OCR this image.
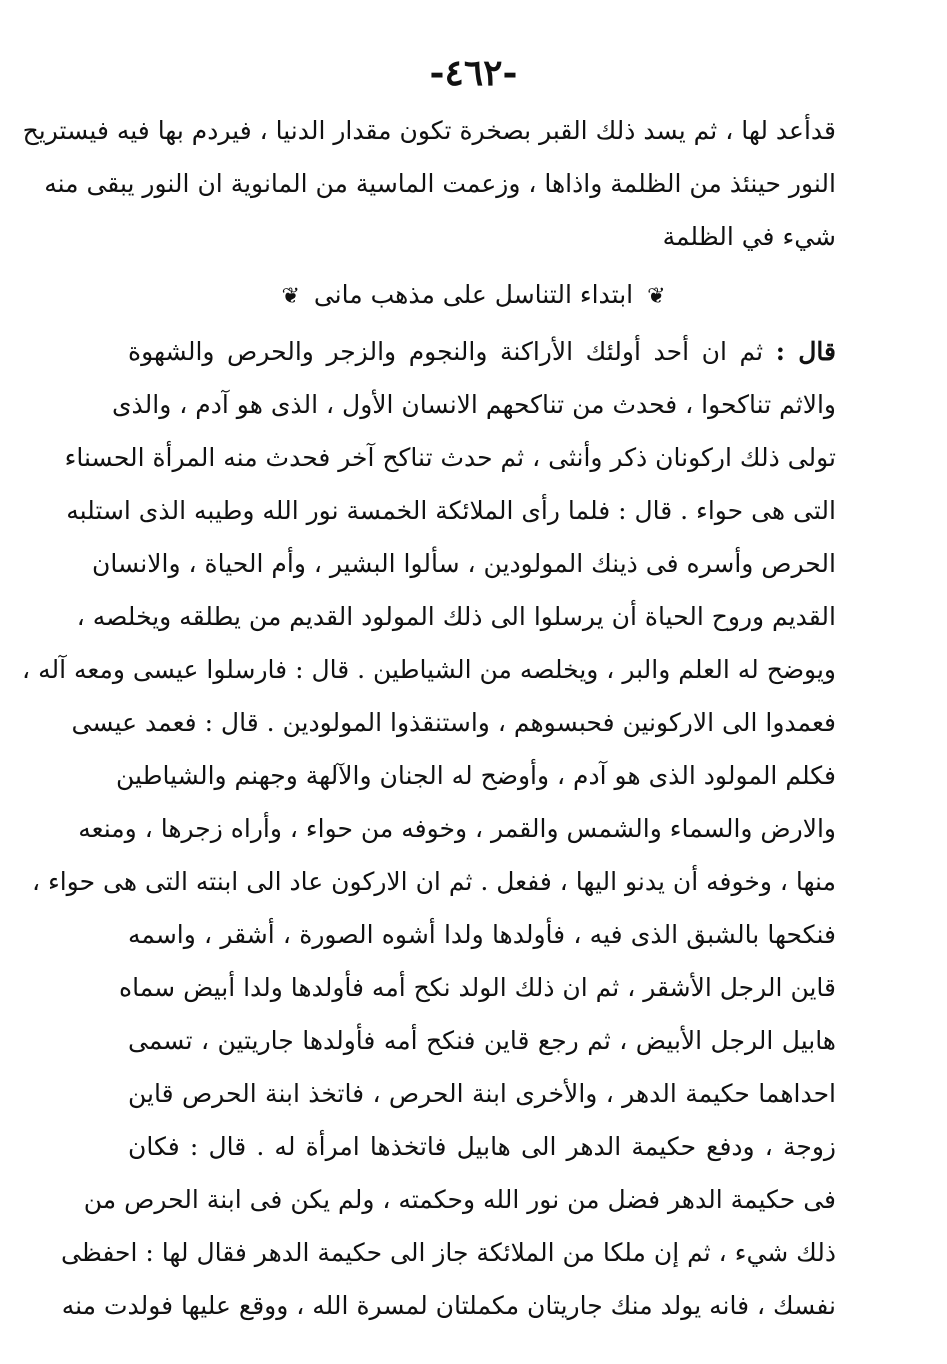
-٤٦٢-
قدأعد لها ، ثم يسد ذلك القبر بصخرة تكون مقدار الدنيا ، فيردم بها فيه فيستريح
النور حينئذ من الظلمة واذاها ، وزعمت الماسية من المانوية ان النور يبقى منه
شيء في الظلمة
❦ ابتداء التناسل على مذهب مانى ❦
قال : ثم ان أحد أولئك الأراكنة والنجوم والزجر والحرص والشهوة
والاثم تناكحوا ، فحدث من تناكحهم الانسان الأول ، الذى هو آدم ، والذى
تولى ذلك اركونان ذكر وأنثى ، ثم حدث تناكح آخر فحدث منه المرأة الحسناء
التى هى حواء . قال : فلما رأى الملائكة الخمسة نور الله وطيبه الذى استلبه
الحرص وأسره فى ذينك المولودين ، سألوا البشير ، وأم الحياة ، والانسان
القديم وروح الحياة أن يرسلوا الى ذلك المولود القديم من يطلقه ويخلصه ،
ويوضح له العلم والبر ، ويخلصه من الشياطين . قال : فارسلوا عيسى ومعه آله ،
فعمدوا الى الاركونين فحبسوهم ، واستنقذوا المولودين . قال : فعمد عيسى
فكلم المولود الذى هو آدم ، وأوضح له الجنان والآلهة وجهنم والشياطين
والارض والسماء والشمس والقمر ، وخوفه من حواء ، وأراه زجرها ، ومنعه
منها ، وخوفه أن يدنو اليها ، ففعل . ثم ان الاركون عاد الى ابنته التى هى حواء ،
فنكحها بالشبق الذى فيه ، فأولدها ولدا أشوه الصورة ، أشقر ، واسمه
قاين الرجل الأشقر ، ثم ان ذلك الولد نكح أمه فأولدها ولدا أبيض سماه
هابيل الرجل الأبيض ، ثم رجع قاين فنكح أمه فأولدها جاريتين ، تسمى
احداهما حكيمة الدهر ، والأخرى ابنة الحرص ، فاتخذ ابنة الحرص قاين
زوجة ، ودفع حكيمة الدهر الى هابيل فاتخذها امرأة له . قال : فكان
فى حكيمة الدهر فضل من نور الله وحكمته ، ولم يكن فى ابنة الحرص من
ذلك شيء ، ثم إن ملكا من الملائكة جاز الى حكيمة الدهر فقال لها : احفظى
نفسك ، فانه يولد منك جاريتان مكملتان لمسرة الله ، ووقع عليها فولدت منه
